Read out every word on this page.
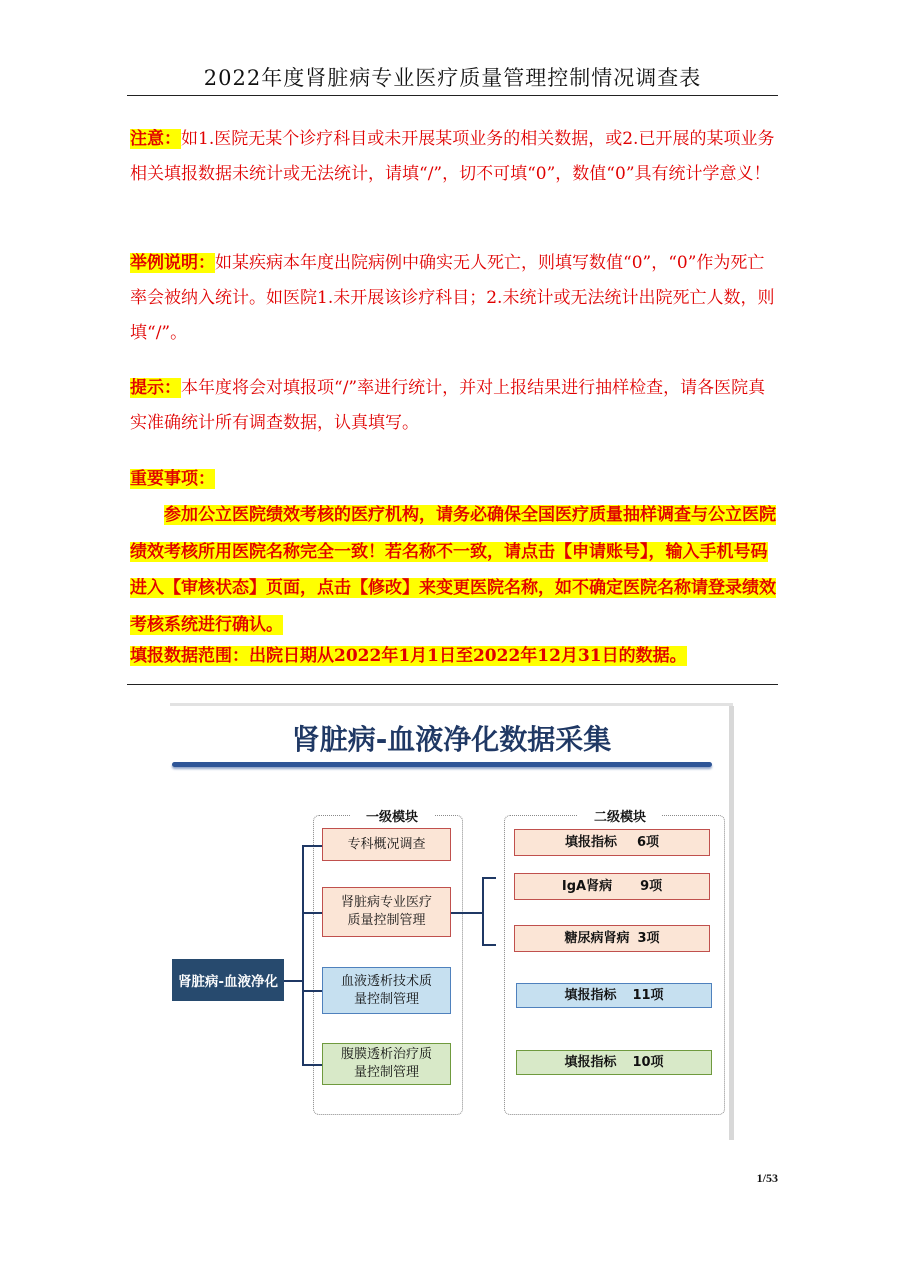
2022年度肾脏病专业医疗质量管理控制情况调查表

注意：如1.医院无某个诊疗科目或未开展某项业务的相关数据，或2.已开展的某项业务相关填报数据未统计或无法统计，请填“/”，切不可填“0”，数值“0”具有统计学意义！

举例说明：如某疾病本年度出院病例中确实无人死亡，则填写数值“0”，“0”作为死亡率会被纳入统计。如医院1.未开展该诊疗科目；2.未统计或无法统计出院死亡人数，则填“/”。

提示：本年度将会对填报项“/”率进行统计，并对上报结果进行抽样检查，请各医院真实准确统计所有调查数据，认真填写。

重要事项：

参加公立医院绩效考核的医疗机构，请务必确保全国医疗质量抽样调查与公立医院绩效考核所用医院名称完全一致！若名称不一致，请点击【申请账号】，输入手机号码进入【审核状态】页面，点击【修改】来变更医院名称，如不确定医院名称请登录绩效考核系统进行确认。

填报数据范围：出院日期从2022年1月1日至2022年12月31日的数据。

肾脏病-血液净化数据采集
一级模块	二级模块
肾脏病-血液净化
专科概况调查
肾脏病专业医疗质量控制管理
血液透析技术质量控制管理
腹膜透析治疗质量控制管理
填报指标 6项
IgA肾病 9项
糖尿病肾病 3项
填报指标 11项
填报指标 10项
1/53
